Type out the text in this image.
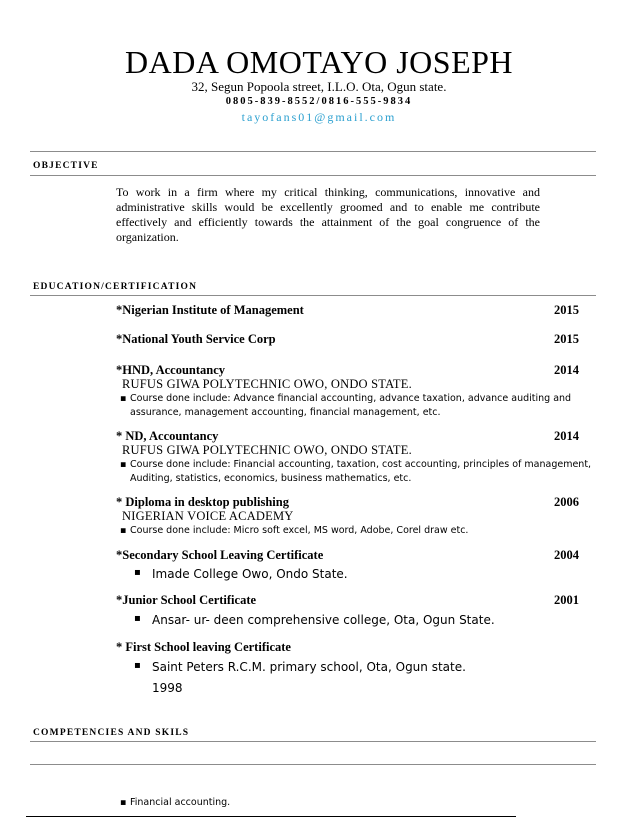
DADA OMOTAYO JOSEPH
32, Segun Popoola street, I.L.O. Ota, Ogun state.
0805-839-8552/0816-555-9834
tayofans01@gmail.com
OBJECTIVE
To work in a firm where my critical thinking, communications, innovative and administrative skills would be excellently groomed and to enable me contribute effectively and efficiently towards the attainment of the goal congruence of the organization.
EDUCATION/CERTIFICATION
*Nigerian Institute of Management	2015
*National Youth Service Corp	2015
*HND, Accountancy	2014
RUFUS GIWA POLYTECHNIC OWO, ONDO STATE.
▪ Course done include: Advance financial accounting, advance taxation, advance auditing and assurance, management accounting, financial management, etc.
* ND, Accountancy	2014
RUFUS GIWA POLYTECHNIC OWO, ONDO STATE.
▪ Course done include: Financial accounting, taxation, cost accounting, principles of management, Auditing, statistics, economics, business mathematics, etc.
* Diploma in desktop publishing	2006
NIGERIAN VOICE ACADEMY
▪ Course done include: Micro soft excel, MS word, Adobe, Corel draw etc.
*Secondary School Leaving Certificate	2004
▪ Imade College Owo, Ondo State.
*Junior School Certificate	2001
▪ Ansar- ur- deen comprehensive college, Ota, Ogun State.
* First School leaving Certificate
▪ Saint Peters R.C.M. primary school, Ota, Ogun state.
1998
COMPETENCIES AND SKILS
▪ Financial accounting.
